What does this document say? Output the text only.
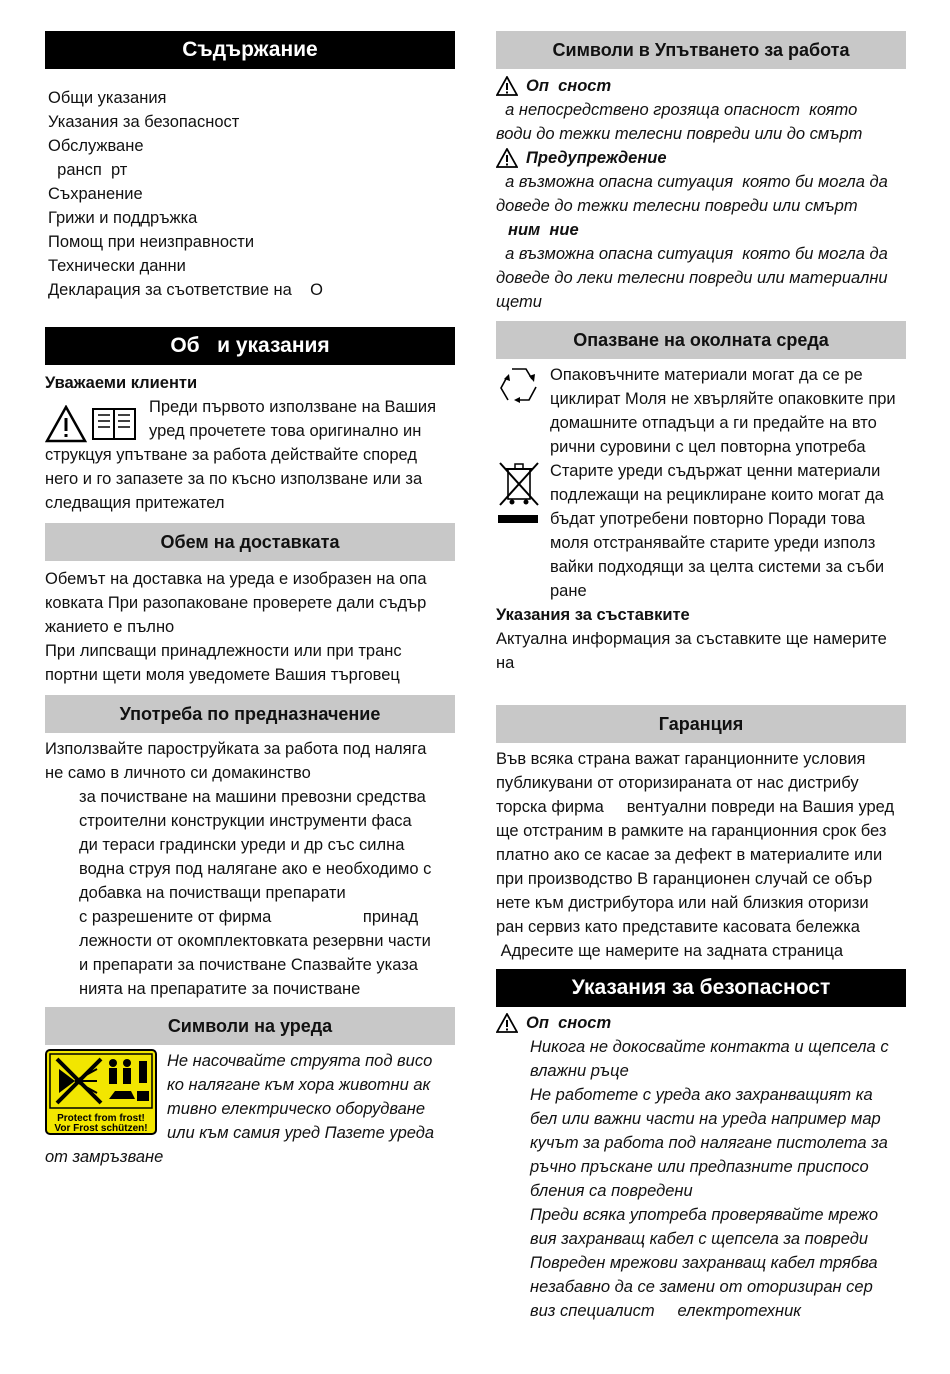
Съдържание
Общи указания
Указания за безопасност
Обслужване
рансп  рт
Съхранение
Грижи и поддръжка
Помощ при неизправности
Технически данни
Декларация за съответствие на    О
Об   и указания

Уважаеми клиенти

Преди първото използване на Вашия

уред прочетете това оригинално ин

струкцуя упътване за работа действайте според

него и го запазете за по късно използване или за

следващия притежател

Обем на доставката

Обемът на доставка на уреда е изобразен на опа

ковката При разопаковане проверете дали съдър

жанието е пълно

При липсващи принадлежности или при транс

портни щети моля уведомете Вашия търговец

Употреба по предназначение

Използвайте пароструйката за работа под наляга

не само в личното си домакинство

за почистване на машини превозни средства

строителни конструкции инструменти фаса

ди тераси градински уреди и др със силна

водна струя под налягане ако е необходимо с

добавка на почистващи препарати

с разрешените от фирма                    принад

лежности от окомплектовката резервни части

и препарати за почистване Спазвайте указа

нията на препаратите за почистване

Символи на уреда
Protect from frost!
Vor Frost schützen!

Не насочвайте струята под висо

ко налягане към хора животни ак

тивно електрическо оборудване

или към самия уред Пазете уреда

от замръзване

Символи в Упътването за работа
Оп  сност

а непосредствено грозяща опасност  която

води до тежки телесни повреди или до смърт

Предупреждение

а възможна опасна ситуация  която би могла да

доведе до тежки телесни повреди или смърт

ним  ние

а възможна опасна ситуация  която би могла да

доведе до леки телесни повреди или материални

щети

Опазване на околната среда

Опаковъчните материали могат да се ре

циклират Моля не хвърляйте опаковките при

домашните отпадъци а ги предайте на вто

рични суровини с цел повторна употреба

Старите уреди съдържат ценни материали

подлежащи на рециклиране които могат да

бъдат употребени повторно Поради това

моля отстранявайте старите уреди използ

вайки подходящи за целта системи за съби

ране

Указания за съставките

Актуална информация за съставките ще намерите

на

Гаранция

Във всяка страна важат гаранционните условия

публикувани от оторизираната от нас дистрибу

торска фирма     вентуални повреди на Вашия уред

ще отстраним в рамките на гаранционния срок без

платно ако се касае за дефект в материалите или

при производство В гаранционен случай се обър

нете към дистрибутора или най близкия оторизи

ран сервиз като представите касовата бележка

Адресите ще намерите на задната страница

Указания за безопасност
Оп  сност

Никога не докосвайте контакта и щепсела с

влажни ръце

Не работете с уреда ако захранващият ка

бел или важни части на уреда например мар

кучът за работа под налягане пистолета за

ръчно пръскане или предпазните приспосо

бления са повредени

Преди всяка употреба проверявайте мрежо

вия захранващ кабел с щепсела за повреди

Повреден мрежови захранващ кабел трябва

незабавно да се замени от оторизиран сер

виз специалист     електротехник
